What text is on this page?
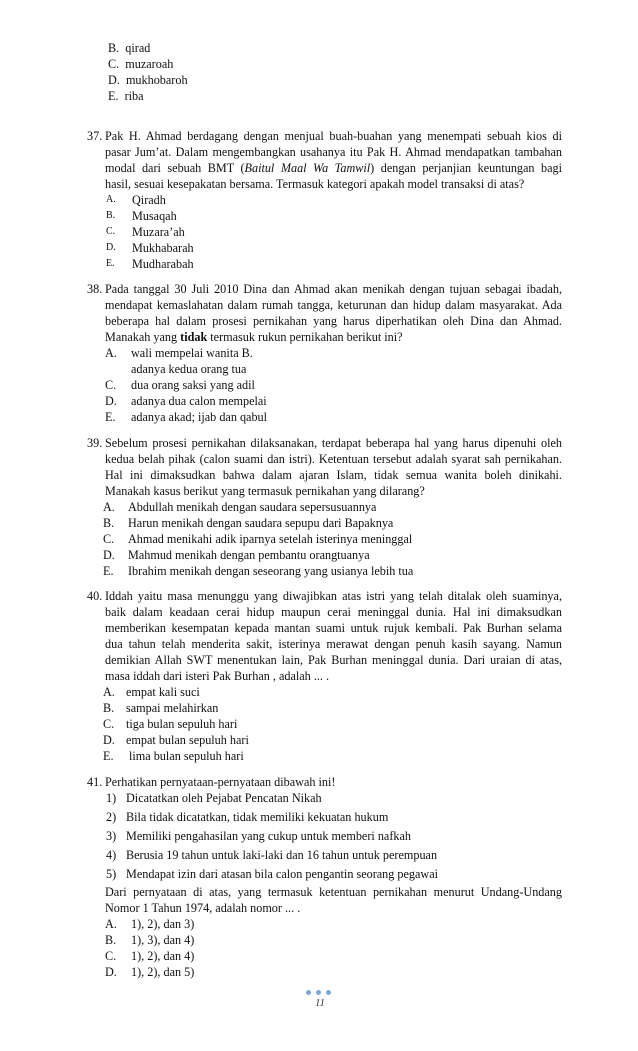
B. qirad
C. muzaroah
D. mukhobaroh
E. riba
37. Pak H. Ahmad berdagang dengan menjual buah-buahan yang menempati sebuah kios di
pasar Jum’at. Dalam mengembangkan usahanya itu Pak H. Ahmad mendapatkan tambahan
modal dari sebuah BMT (Baitul Maal Wa Tamwil) dengan perjanjian keuntungan bagi
hasil, sesuai kesepakatan bersama. Termasuk kategori apakah model transaksi di atas?
A. Qiradh
B. Musaqah
C. Muzara’ah
D. Mukhabarah
E. Mudharabah
38. Pada tanggal 30 Juli 2010 Dina dan Ahmad akan menikah dengan tujuan sebagai ibadah,
mendapat kemaslahatan dalam rumah tangga, keturunan dan hidup dalam masyarakat. Ada
beberapa hal dalam prosesi pernikahan yang harus diperhatikan oleh Dina dan Ahmad.
Manakah yang tidak termasuk rukun pernikahan berikut ini?
A. wali mempelai wanita B.
adanya kedua orang tua
C. dua orang saksi yang adil
D. adanya dua calon mempelai
E. adanya akad; ijab dan qabul
39. Sebelum prosesi pernikahan dilaksanakan, terdapat beberapa hal yang harus dipenuhi oleh
kedua belah pihak (calon suami dan istri). Ketentuan tersebut adalah syarat sah pernikahan.
Hal ini dimaksudkan bahwa dalam ajaran Islam, tidak semua wanita boleh dinikahi.
Manakah kasus berikut yang termasuk pernikahan yang dilarang?
A. Abdullah menikah dengan saudara sepersusuannya
B. Harun menikah dengan saudara sepupu dari Bapaknya
C. Ahmad menikahi adik iparnya setelah isterinya meninggal
D. Mahmud menikah dengan pembantu orangtuanya
E. Ibrahim menikah dengan seseorang yang usianya lebih tua
40. Iddah yaitu masa menunggu yang diwajibkan atas istri yang telah ditalak oleh suaminya,
baik dalam keadaan cerai hidup maupun cerai meninggal dunia. Hal ini dimaksudkan
memberikan kesempatan kepada mantan suami untuk rujuk kembali. Pak Burhan selama
dua tahun telah menderita sakit, isterinya merawat dengan penuh kasih sayang. Namun
demikian Allah SWT menentukan lain, Pak Burhan meninggal dunia. Dari uraian di atas,
masa iddah dari isteri Pak Burhan , adalah ... .
A. empat kali suci
B. sampai melahirkan
C. tiga bulan sepuluh hari
D. empat bulan sepuluh hari
E. lima bulan sepuluh hari
41. Perhatikan pernyataan-pernyataan dibawah ini!
1) Dicatatkan oleh Pejabat Pencatan Nikah
2) Bila tidak dicatatkan, tidak memiliki kekuatan hukum
3) Memiliki pengahasilan yang cukup untuk memberi nafkah
4) Berusia 19 tahun untuk laki-laki dan 16 tahun untuk perempuan
5) Mendapat izin dari atasan bila calon pengantin seorang pegawai
Dari pernyataan di atas, yang termasuk ketentuan pernikahan menurut Undang-Undang
Nomor 1 Tahun 1974, adalah nomor ... .
A. 1), 2), dan 3)
B. 1), 3), dan 4)
C. 1), 2), dan 4)
D. 1), 2), dan 5)
11
